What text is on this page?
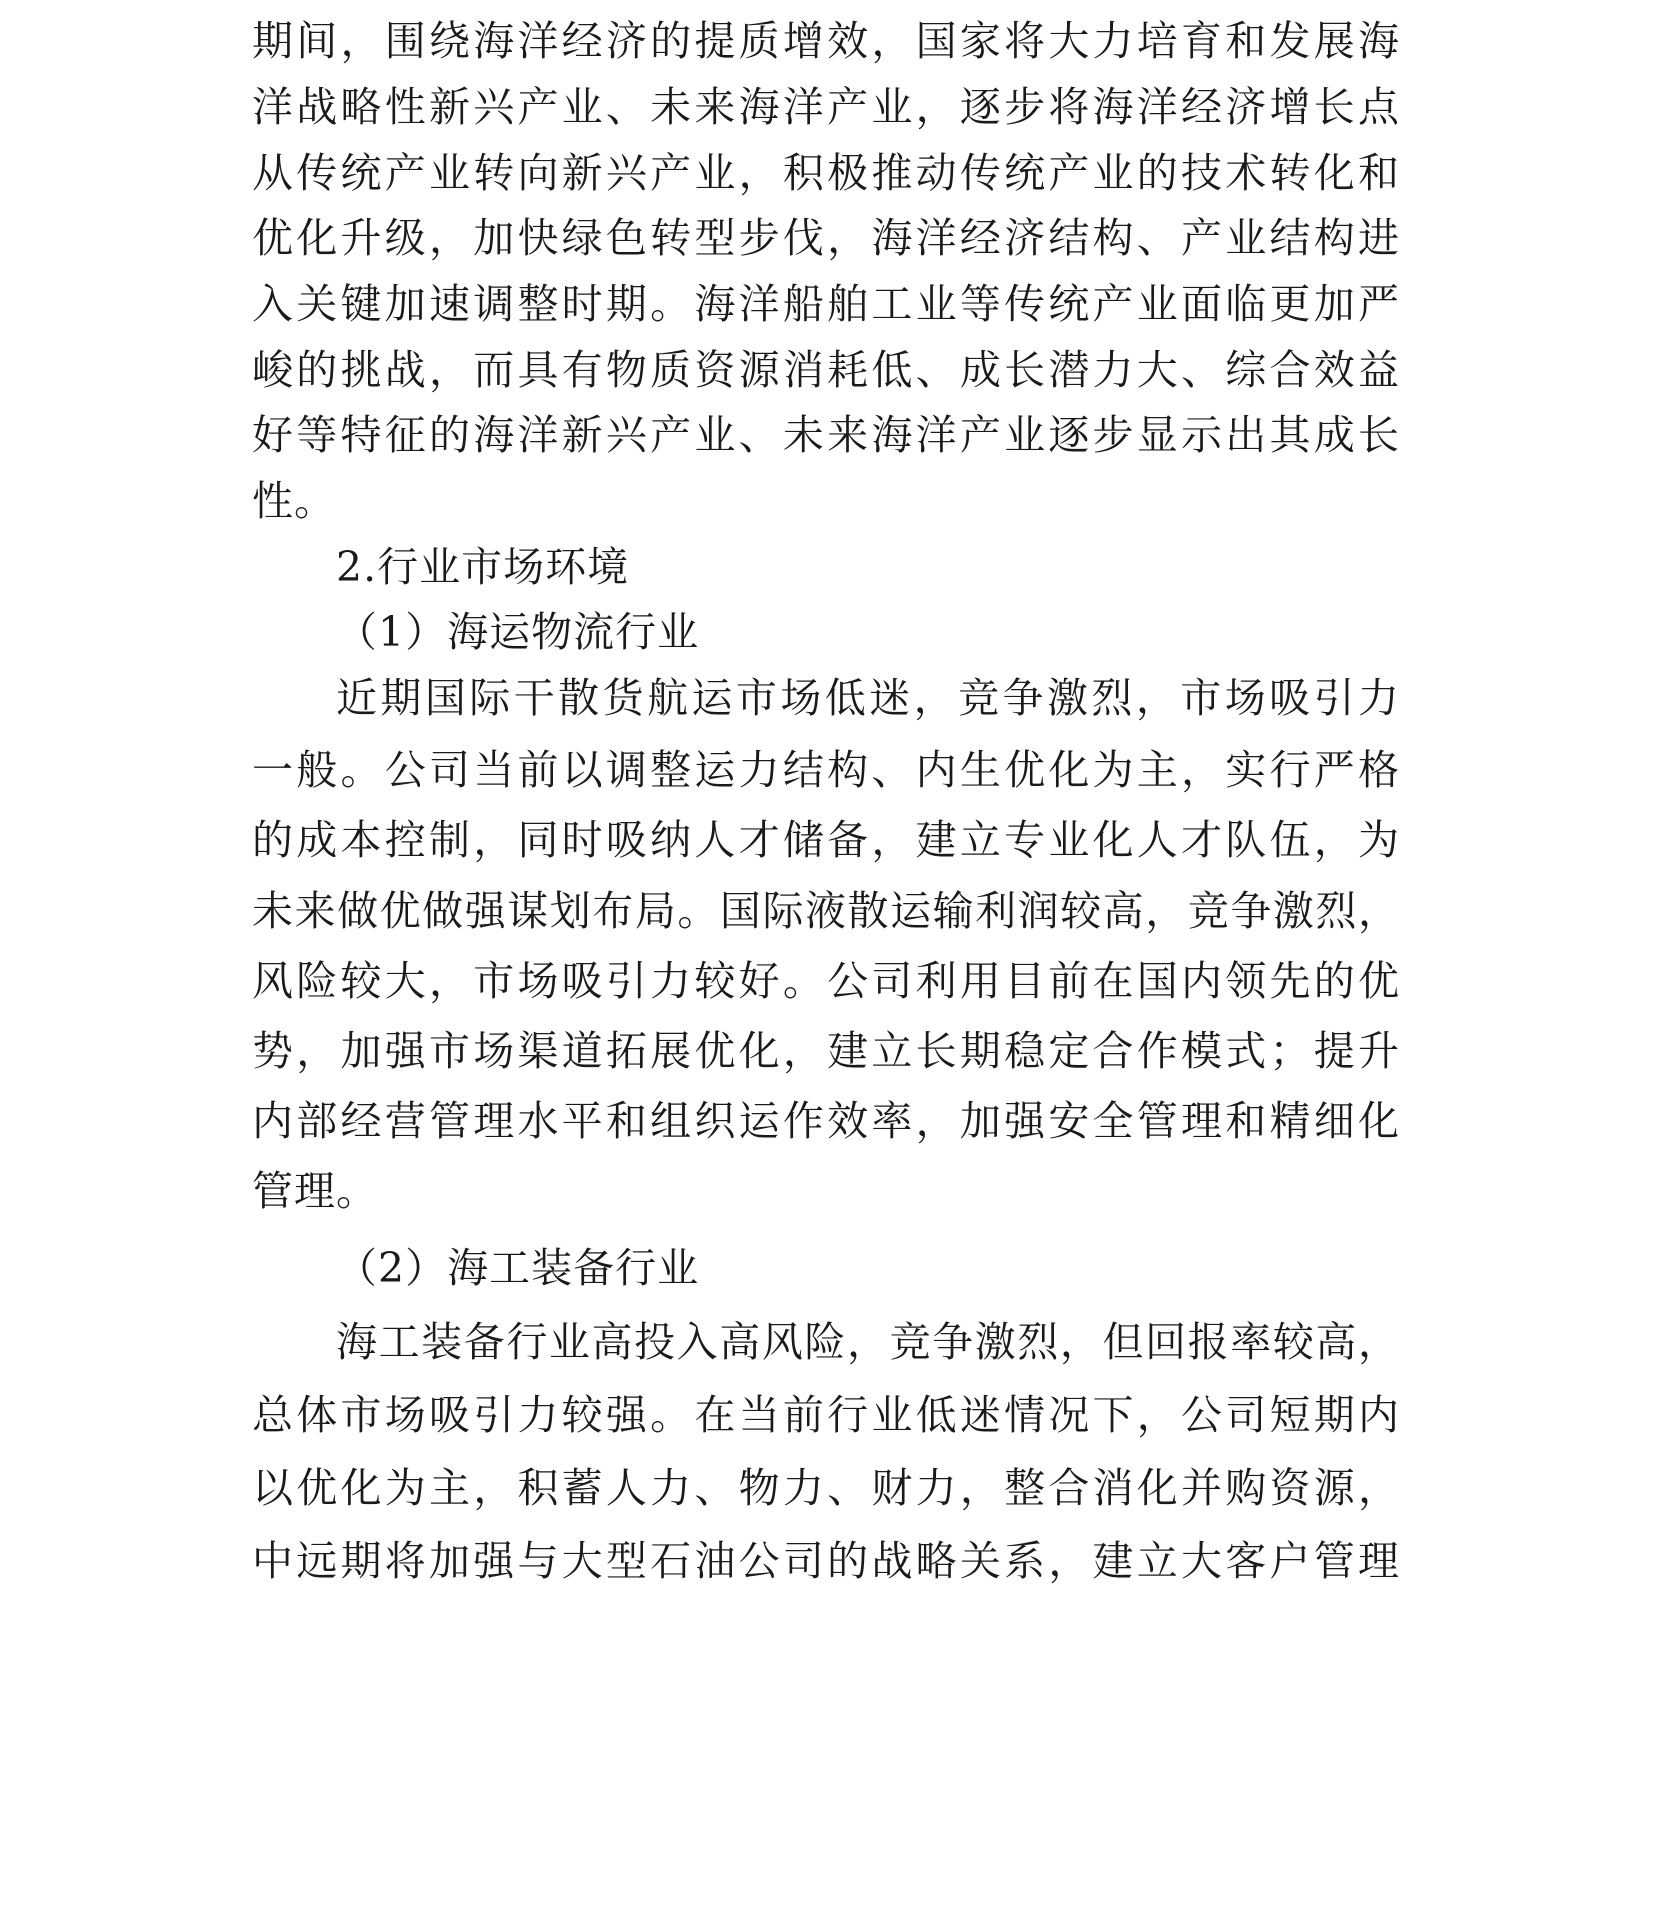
期间，围绕海洋经济的提质增效，国家将大力培育和发展海
洋战略性新兴产业、未来海洋产业，逐步将海洋经济增长点
从传统产业转向新兴产业，积极推动传统产业的技术转化和
优化升级，加快绿色转型步伐，海洋经济结构、产业结构进
入关键加速调整时期。海洋船舶工业等传统产业面临更加严
峻的挑战，而具有物质资源消耗低、成长潜力大、综合效益
好等特征的海洋新兴产业、未来海洋产业逐步显示出其成长
性。
2.行业市场环境
（1）海运物流行业
近期国际干散货航运市场低迷，竞争激烈，市场吸引力
一般。公司当前以调整运力结构、内生优化为主，实行严格
的成本控制，同时吸纳人才储备，建立专业化人才队伍，为
未来做优做强谋划布局。国际液散运输利润较高，竞争激烈，
风险较大，市场吸引力较好。公司利用目前在国内领先的优
势，加强市场渠道拓展优化，建立长期稳定合作模式；提升
内部经营管理水平和组织运作效率，加强安全管理和精细化
管理。
（2）海工装备行业
海工装备行业高投入高风险，竞争激烈，但回报率较高，
总体市场吸引力较强。在当前行业低迷情况下，公司短期内
以优化为主，积蓄人力、物力、财力，整合消化并购资源，
中远期将加强与大型石油公司的战略关系，建立大客户管理
